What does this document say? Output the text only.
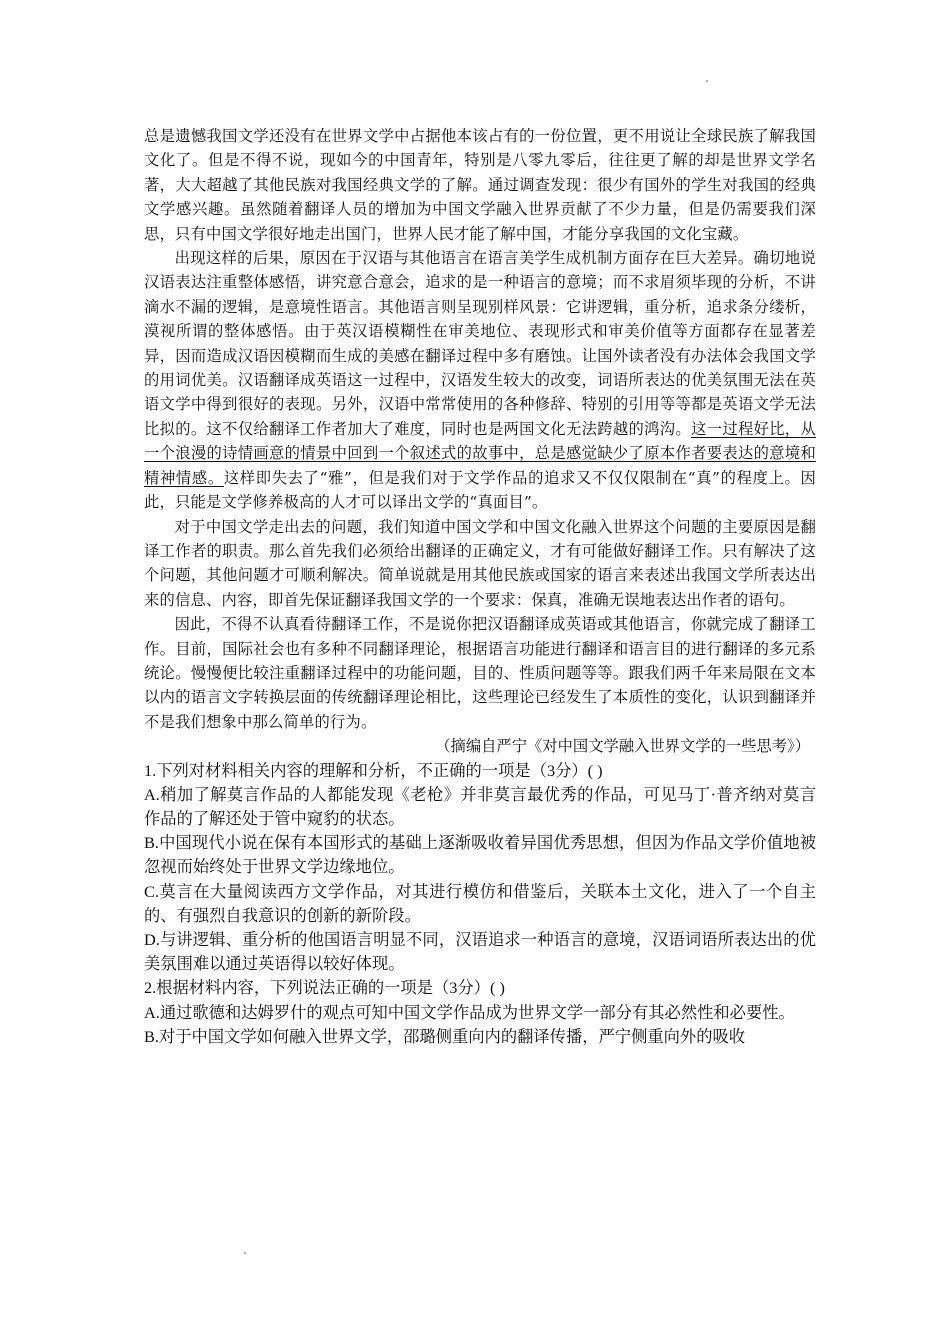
总是遗憾我国文学还没有在世界文学中占据他本该占有的一份位置，更不用说让全球民族了解我国文化了。但是不得不说，现如今的中国青年，特别是八零九零后，往往更了解的却是世界文学名著，大大超越了其他民族对我国经典文学的了解。通过调查发现：很少有国外的学生对我国的经典文学感兴趣。虽然随着翻译人员的增加为中国文学融入世界贡献了不少力量，但是仍需要我们深思，只有中国文学很好地走出国门，世界人民才能了解中国，才能分享我国的文化宝藏。

出现这样的后果，原因在于汉语与其他语言在语言美学生成机制方面存在巨大差异。确切地说汉语表达注重整体感悟，讲究意合意会，追求的是一种语言的意境；而不求眉须毕现的分析，不讲滴水不漏的逻辑，是意境性语言。其他语言则呈现别样风景：它讲逻辑，重分析，追求条分缕析，漠视所谓的整体感悟。由于英汉语模糊性在审美地位、表现形式和审美价值等方面都存在显著差异，因而造成汉语因模糊而生成的美感在翻译过程中多有磨蚀。让国外读者没有办法体会我国文学的用词优美。汉语翻译成英语这一过程中，汉语发生较大的改变，词语所表达的优美氛围无法在英语文学中得到很好的表现。另外，汉语中常常使用的各种修辞、特别的引用等等都是英语文学无法比拟的。这不仅给翻译工作者加大了难度，同时也是两国文化无法跨越的鸿沟。这一过程好比，从一个浪漫的诗情画意的情景中回到一个叙述式的故事中，总是感觉缺少了原本作者要表达的意境和精神情感。这样即失去了“雅”，但是我们对于文学作品的追求又不仅仅限制在“真”的程度上。因此，只能是文学修养极高的人才可以译出文学的“真面目”。

对于中国文学走出去的问题，我们知道中国文学和中国文化融入世界这个问题的主要原因是翻译工作者的职责。那么首先我们必须给出翻译的正确定义，才有可能做好翻译工作。只有解决了这个问题，其他问题才可顺利解决。简单说就是用其他民族或国家的语言来表述出我国文学所表达出来的信息、内容，即首先保证翻译我国文学的一个要求：保真，准确无误地表达出作者的语句。

因此，不得不认真看待翻译工作，不是说你把汉语翻译成英语或其他语言，你就完成了翻译工作。目前，国际社会也有多种不同翻译理论，根据语言功能进行翻译和语言目的进行翻译的多元系统论。慢慢便比较注重翻译过程中的功能问题，目的、性质问题等等。跟我们两千年来局限在文本以内的语言文字转换层面的传统翻译理论相比，这些理论已经发生了本质性的变化，认识到翻译并不是我们想象中那么简单的行为。

（摘编自严宁《对中国文学融入世界文学的一些思考》）

1.下列对材料相关内容的理解和分析，不正确的一项是（3分）( )

A.稍加了解莫言作品的人都能发现《老枪》并非莫言最优秀的作品，可见马丁·普齐纳对莫言作品的了解还处于管中窥豹的状态。

B.中国现代小说在保有本国形式的基础上逐渐吸收着异国优秀思想，但因为作品文学价值地被忽视而始终处于世界文学边缘地位。

C.莫言在大量阅读西方文学作品，对其进行模仿和借鉴后，关联本土文化，进入了一个自主的、有强烈自我意识的创新的新阶段。

D.与讲逻辑、重分析的他国语言明显不同，汉语追求一种语言的意境，汉语词语所表达出的优美氛围难以通过英语得以较好体现。

2.根据材料内容，下列说法正确的一项是（3分）( )

A.通过歌德和达姆罗什的观点可知中国文学作品成为世界文学一部分有其必然性和必要性。

B.对于中国文学如何融入世界文学，邵璐侧重向内的翻译传播，严宁侧重向外的吸收
